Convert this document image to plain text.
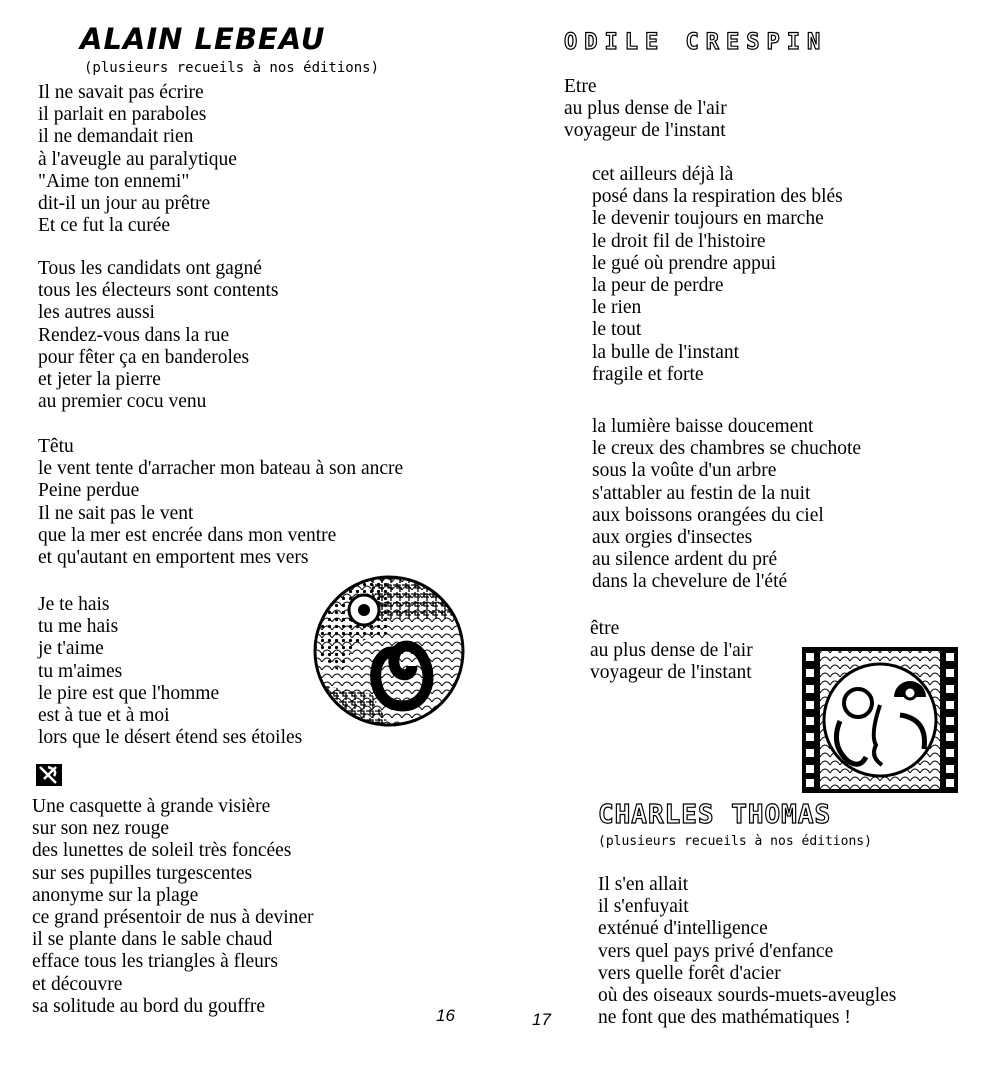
ALAIN LEBEAU
(plusieurs recueils à nos éditions)
Il ne savait pas écrire
il parlait en paraboles
il ne demandait rien
à l'aveugle au paralytique
"Aime ton ennemi"
dit-il un jour au prêtre
Et ce fut la curée
Tous les candidats ont gagné
tous les électeurs sont contents
les autres aussi
Rendez-vous dans la rue
pour fêter ça en banderoles
et jeter la pierre
au premier cocu venu
Têtu
le vent tente d'arracher mon bateau à son ancre
Peine perdue
Il ne sait pas le vent
que la mer est encrée dans mon ventre
et qu'autant en emportent mes vers
Je te hais
tu me hais
je t'aime
tu m'aimes
le pire est que l'homme
est à tue et à moi
lors que le désert étend ses étoiles
Une casquette à grande visière
sur son nez rouge
des lunettes de soleil très foncées
sur ses pupilles turgescentes
anonyme sur la plage
ce grand présentoir de nus à deviner
il se plante dans le sable chaud
efface tous les triangles à fleurs
et découvre
sa solitude au bord du gouffre	16
ODILE CRESPIN
Etre
au plus dense de l'air
voyageur de l'instant
cet ailleurs déjà là
posé dans la respiration des blés
le devenir toujours en marche
le droit fil de l'histoire
le gué où prendre appui
la peur de perdre
le rien
le tout
la bulle de l'instant
fragile et forte
la lumière baisse doucement
le creux des chambres se chuchote
sous la voûte d'un arbre
s'attabler au festin de la nuit
aux boissons orangées du ciel
aux orgies d'insectes
au silence ardent du pré
dans la chevelure de l'été
être
au plus dense de l'air
voyageur de l'instant
CHARLES THOMAS
(plusieurs recueils à nos éditions)
Il s'en allait
il s'enfuyait
exténué d'intelligence
vers quel pays privé d'enfance
vers quelle forêt d'acier
où des oiseaux sourds-muets-aveugles
ne font que des mathématiques !
17
